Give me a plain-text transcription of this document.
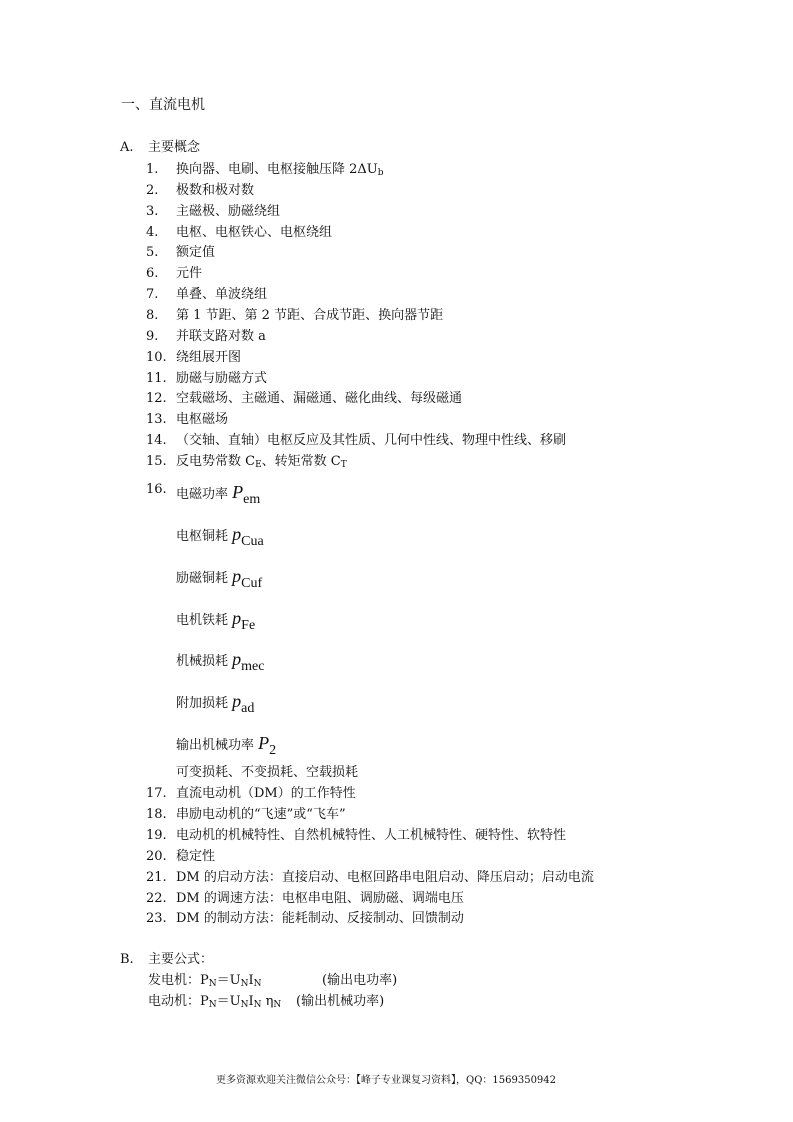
一、直流电机
A. 主要概念
1.	换向器、电刷、电枢接触压降 2ΔUb
2.	极数和极对数
3.	主磁极、励磁绕组
4.	电枢、电枢铁心、电枢绕组
5.	额定值
6.	元件
7.	单叠、单波绕组
8.	第 1 节距、第 2 节距、合成节距、换向器节距
9.	并联支路对数 a
10. 绕组展开图
11. 励磁与励磁方式
12. 空载磁场、主磁通、漏磁通、磁化曲线、每级磁通
13. 电枢磁场
14. （交轴、直轴）电枢反应及其性质、几何中性线、物理中性线、移刷
15. 反电势常数 CE、转矩常数 CT
16. 电磁功率 $P_{em}$
电枢铜耗 $p_{Cua}$
励磁铜耗 $p_{Cuf}$
电机铁耗 $p_{Fe}$
机械损耗 $p_{mec}$
附加损耗 $p_{ad}$
输出机械功率 $P_2$
可变损耗、不变损耗、空载损耗
17. 直流电动机（DM）的工作特性
18. 串励电动机的“飞速”或“飞车”
19. 电动机的机械特性、自然机械特性、人工机械特性、硬特性、软特性
20. 稳定性
21. DM 的启动方法：直接启动、电枢回路串电阻启动、降压启动；启动电流
22. DM 的调速方法：电枢串电阻、调励磁、调端电压
23. DM 的制动方法：能耗制动、反接制动、回馈制动
B. 主要公式：
发电机：PN＝UNIN	(输出电功率)
电动机：PN＝UNIN ηN (输出机械功率)
更多资源欢迎关注微信公众号：【峰子专业课复习资料】，QQ：1569350942
